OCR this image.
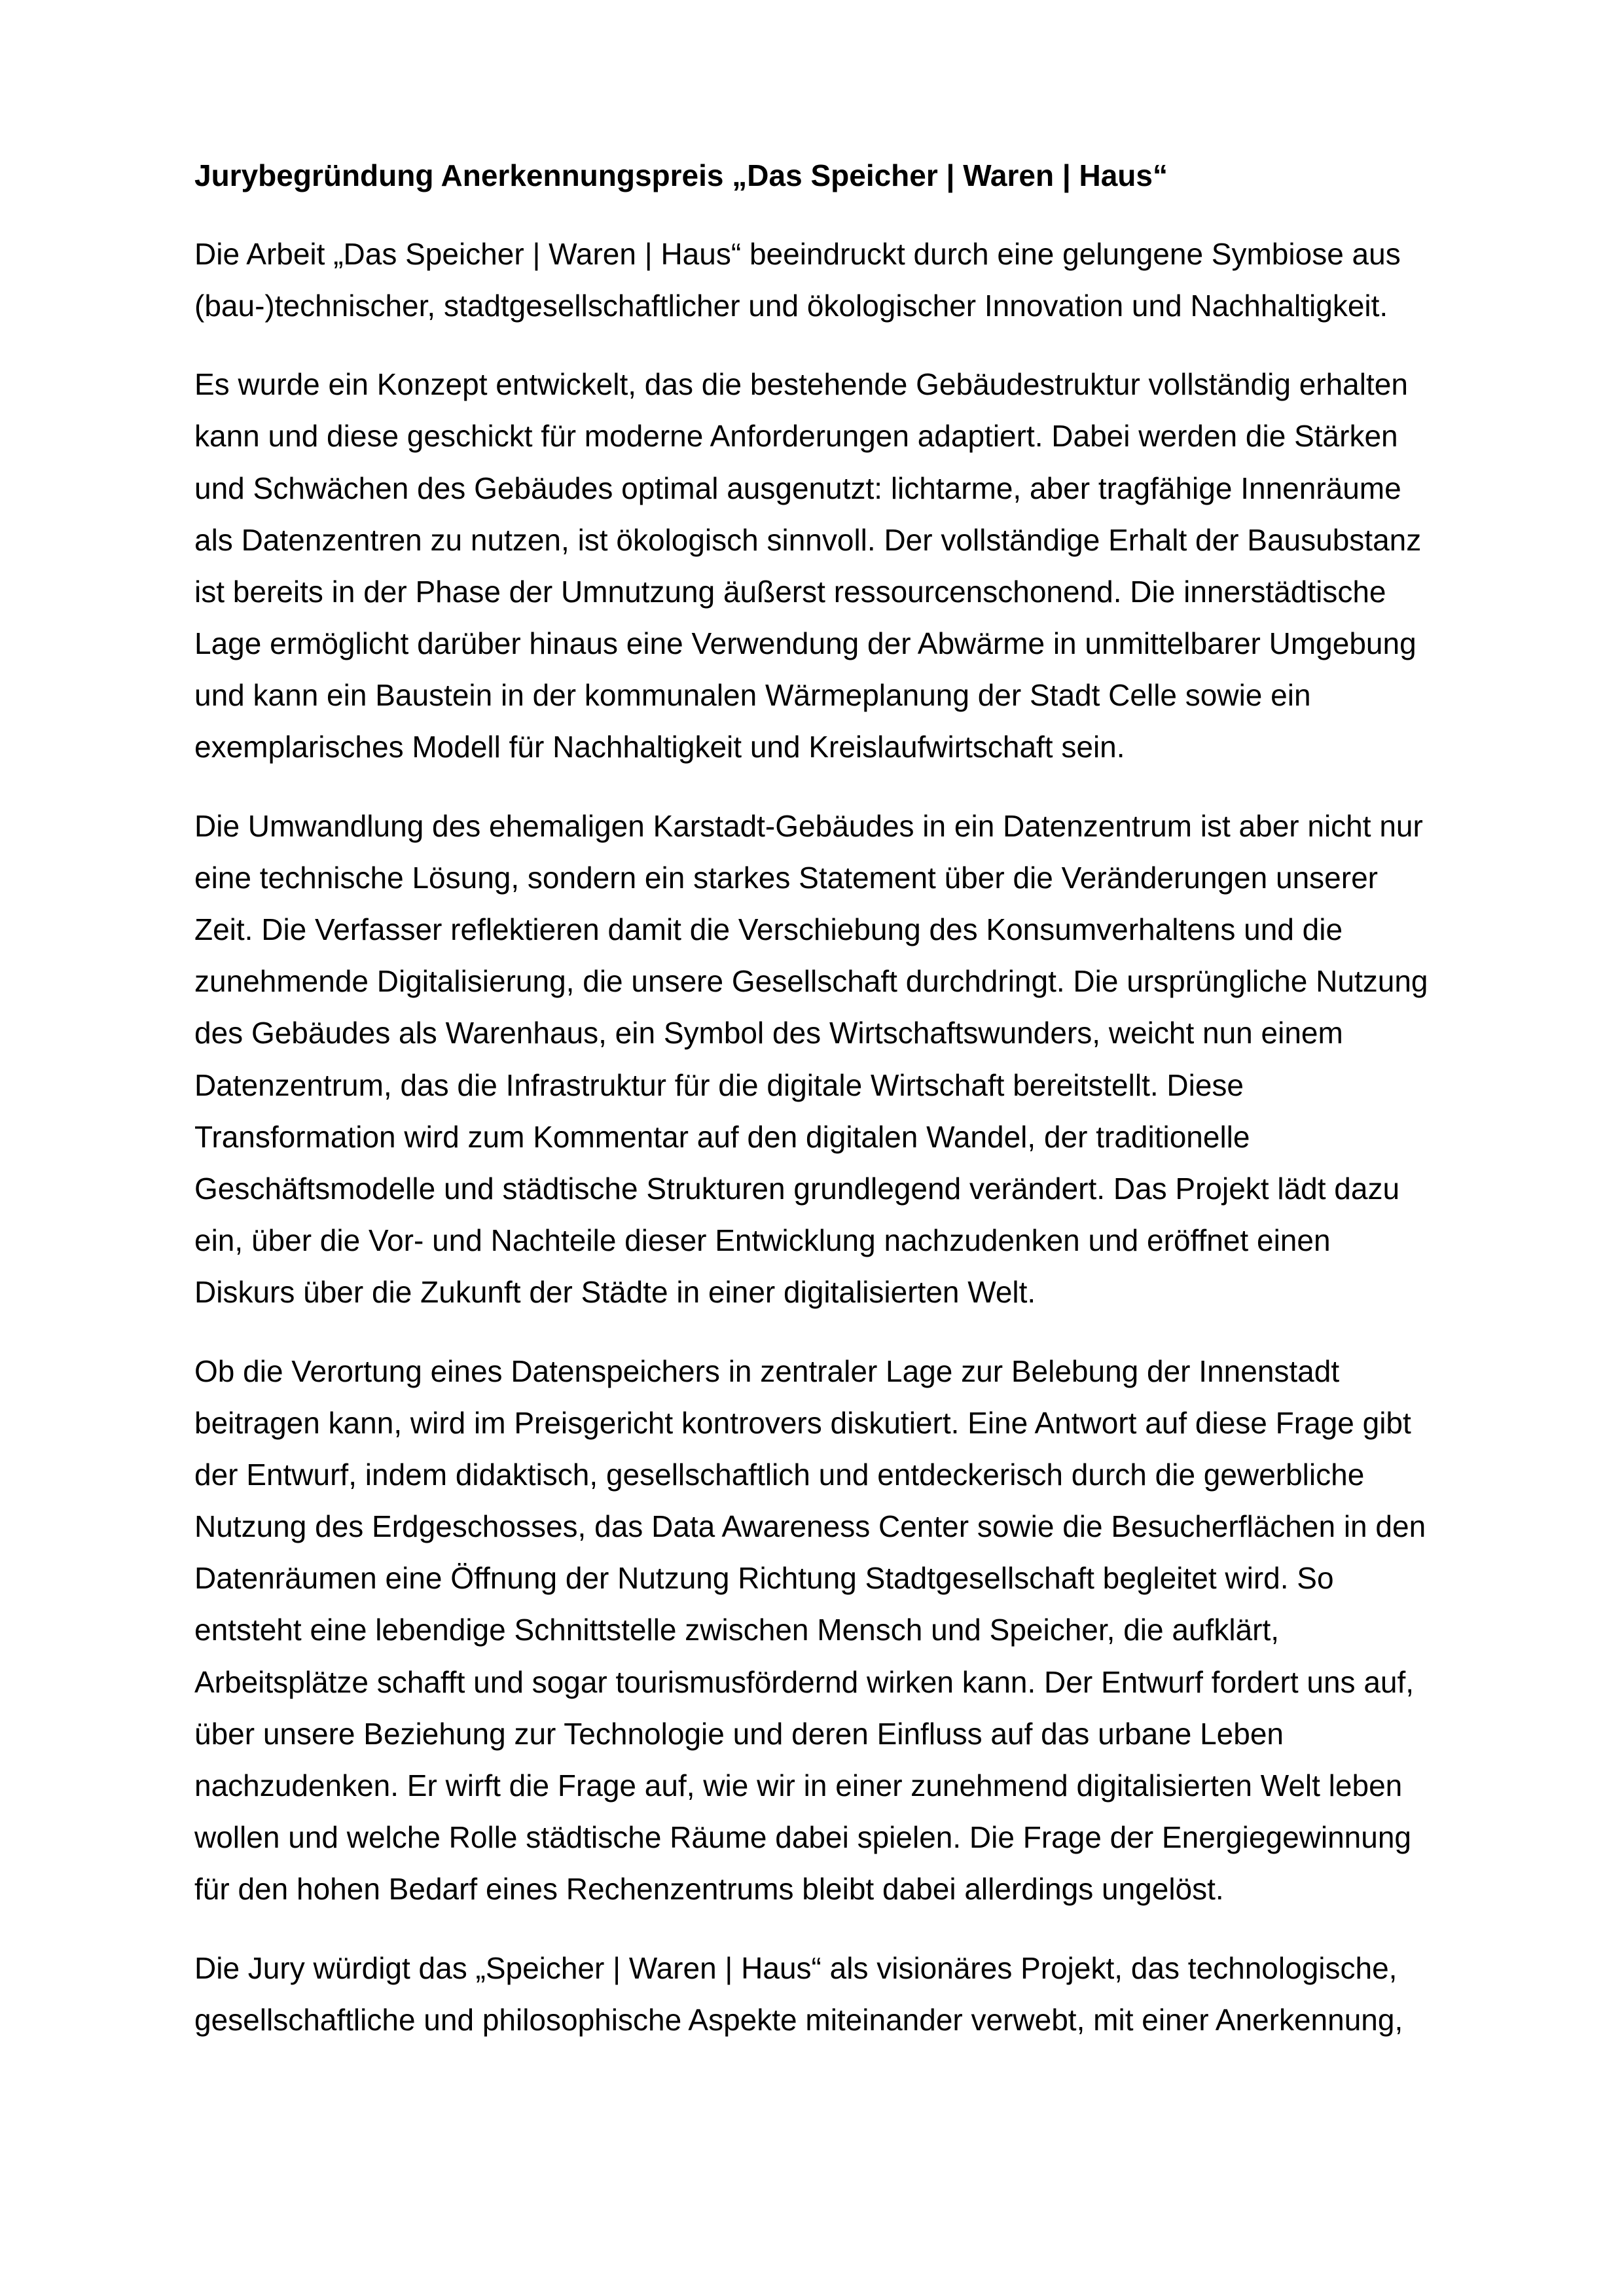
Jurybegründung Anerkennungspreis „Das Speicher | Waren | Haus“

Die Arbeit „Das Speicher | Waren | Haus“ beeindruckt durch eine gelungene Symbiose aus
(bau-)technischer, stadtgesellschaftlicher und ökologischer Innovation und Nachhaltigkeit.

Es wurde ein Konzept entwickelt, das die bestehende Gebäudestruktur vollständig erhalten
kann und diese geschickt für moderne Anforderungen adaptiert. Dabei werden die Stärken
und Schwächen des Gebäudes optimal ausgenutzt: lichtarme, aber tragfähige Innenräume
als Datenzentren zu nutzen, ist ökologisch sinnvoll. Der vollständige Erhalt der Bausubstanz
ist bereits in der Phase der Umnutzung äußerst ressourcenschonend. Die innerstädtische
Lage ermöglicht darüber hinaus eine Verwendung der Abwärme in unmittelbarer Umgebung
und kann ein Baustein in der kommunalen Wärmeplanung der Stadt Celle sowie ein
exemplarisches Modell für Nachhaltigkeit und Kreislaufwirtschaft sein.

Die Umwandlung des ehemaligen Karstadt-Gebäudes in ein Datenzentrum ist aber nicht nur
eine technische Lösung, sondern ein starkes Statement über die Veränderungen unserer
Zeit. Die Verfasser reflektieren damit die Verschiebung des Konsumverhaltens und die
zunehmende Digitalisierung, die unsere Gesellschaft durchdringt. Die ursprüngliche Nutzung
des Gebäudes als Warenhaus, ein Symbol des Wirtschaftswunders, weicht nun einem
Datenzentrum, das die Infrastruktur für die digitale Wirtschaft bereitstellt. Diese
Transformation wird zum Kommentar auf den digitalen Wandel, der traditionelle
Geschäftsmodelle und städtische Strukturen grundlegend verändert. Das Projekt lädt dazu
ein, über die Vor- und Nachteile dieser Entwicklung nachzudenken und eröffnet einen
Diskurs über die Zukunft der Städte in einer digitalisierten Welt.

Ob die Verortung eines Datenspeichers in zentraler Lage zur Belebung der Innenstadt
beitragen kann, wird im Preisgericht kontrovers diskutiert. Eine Antwort auf diese Frage gibt
der Entwurf, indem didaktisch, gesellschaftlich und entdeckerisch durch die gewerbliche
Nutzung des Erdgeschosses, das Data Awareness Center sowie die Besucherflächen in den
Datenräumen eine Öffnung der Nutzung Richtung Stadtgesellschaft begleitet wird. So
entsteht eine lebendige Schnittstelle zwischen Mensch und Speicher, die aufklärt,
Arbeitsplätze schafft und sogar tourismusfördernd wirken kann. Der Entwurf fordert uns auf,
über unsere Beziehung zur Technologie und deren Einfluss auf das urbane Leben
nachzudenken. Er wirft die Frage auf, wie wir in einer zunehmend digitalisierten Welt leben
wollen und welche Rolle städtische Räume dabei spielen. Die Frage der Energiegewinnung
für den hohen Bedarf eines Rechenzentrums bleibt dabei allerdings ungelöst.

Die Jury würdigt das „Speicher | Waren | Haus“ als visionäres Projekt, das technologische,
gesellschaftliche und philosophische Aspekte miteinander verwebt, mit einer Anerkennung,
